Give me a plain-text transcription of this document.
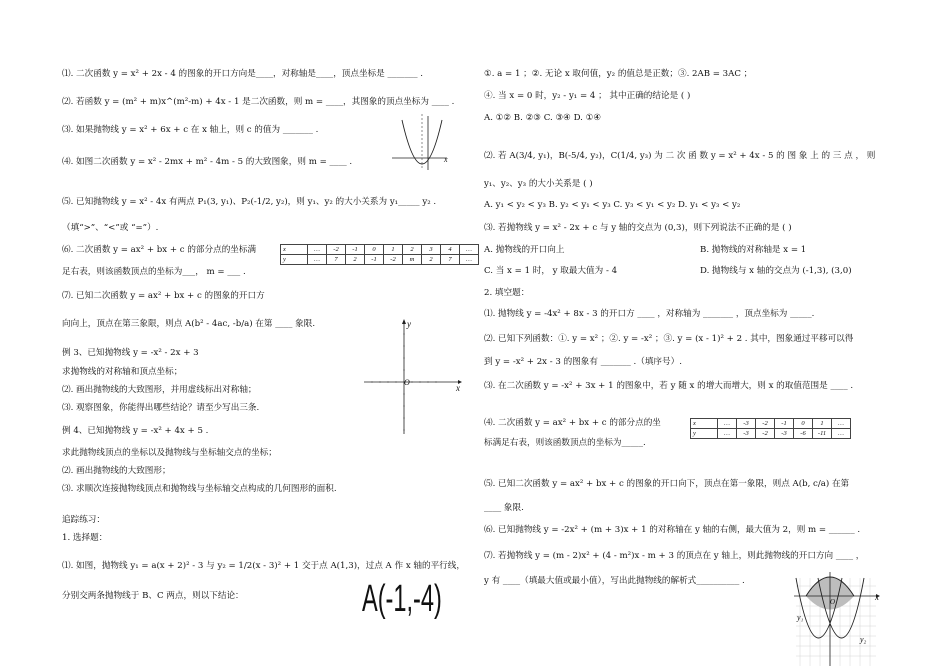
⑴. 二次函数 y = x² + 2x - 4 的图象的开口方向是____，对称轴是____，顶点坐标是 _______ .
⑵. 若函数 y = (m² + m)x^(m²-m) + 4x - 1 是二次函数，则 m = ____，其图象的顶点坐标为 ____ .
⑶. 如果抛物线 y = x² + 6x + c 在 x 轴上，则 c 的值为 _______ .
⑷. 如图二次函数 y = x² - 2mx + m² - 4m - 5 的大致图象，则 m = ____ .
⑸. 已知抛物线 y = x² - 4x 有两点 P₁(3, y₁)、P₂(-1/2, y₂)，则 y₁、y₂ 的大小关系为 y₁_____ y₂ .
（填“>”、“<”或 “=”）.
⑹. 二次函数 y = ax² + bx + c 的部分点的坐标满
足右表，则该函数顶点的坐标为___， m = ___ .
x	…	-2	-1	0	1	2	3	4	…
y	…	7	2	-1	-2	m	2	7	…
⑺. 已知二次函数 y = ax² + bx + c 的图象的开口方
向向上，顶点在第三象限，则点 A(b² - 4ac, -b/a) 在第 ____ 象限.
例 3、已知抛物线 y = -x² - 2x + 3
求抛物线的对称轴和顶点坐标；
⑵. 画出抛物线的大致图形，并用虚线标出对称轴；
⑶. 观察图象，你能得出哪些结论？请至少写出三条.
例 4、已知抛物线 y = -x² + 4x + 5 .
求此抛物线顶点的坐标以及抛物线与坐标轴交点的坐标；
⑵. 画出抛物线的大致图形；
⑶. 求顺次连接抛物线顶点和抛物线与坐标轴交点构成的几何图形的面积.
追踪练习：
1. 选择题：
⑴. 如图，抛物线 y₁ = a(x + 2)² - 3 与 y₂ = 1/2(x - 3)² + 1 交于点 A(1,3)，过点 A 作 x 轴的平行线，
分别交两条抛物线于 B、C 两点，则以下结论：	A(-1,-4)
x
y
x
O
①. a = 1 ；②. 无论 x 取何值，y₂ 的值总是正数；③. 2AB = 3AC ；
④. 当 x = 0 时，y₂ - y₁ = 4 ； 其中正确的结论是 ( )
A. ①② B. ②③ C. ③④ D. ①④
⑵. 若 A(3/4, y₁)，B(-5/4, y₂)，C(1/4, y₃) 为 二 次 函 数 y = x² + 4x - 5 的 图 象 上 的 三 点 ， 则
y₁、y₂、y₃ 的大小关系是 ( )
A. y₁ < y₂ < y₃ B. y₂ < y₁ < y₃ C. y₃ < y₁ < y₂ D. y₁ < y₃ < y₂
⑶. 若抛物线 y = x² - 2x + c 与 y 轴的交点为 (0,3)，则下列说法不正确的是 ( )
A. 抛物线的开口向上	B. 抛物线的对称轴是 x = 1
C. 当 x = 1 时， y 取最大值为 - 4	D. 抛物线与 x 轴的交点为 (-1,3), (3,0)
2. 填空题：
⑴. 抛物线 y = -4x² + 8x - 3 的开口方 ____ ，对称轴为 _______ ，顶点坐标为 _____.
⑵. 已知下列函数：①. y = x² ；②. y = -x² ；③. y = (x - 1)² + 2 . 其中，图象通过平移可以得
到 y = -x² + 2x - 3 的图象有 _______ .（填序号）.
⑶. 在二次函数 y = -x² + 3x + 1 的图象中，若 y 随 x 的增大而增大，则 x 的取值范围是 ____ .
⑷. 二次函数 y = ax² + bx + c 的部分点的坐
标满足右表，则该函数顶点的坐标为_____.
x	…	-3	-2	-1	0	1	…
y	…	-3	-2	-3	-6	-11	…
⑸. 已知二次函数 y = ax² + bx + c 的图象的开口向下，顶点在第一象限，则点 A(b, c/a) 在第
____ 象限.
⑹. 已知抛物线 y = -2x² + (m + 3)x + 1 的对称轴在 y 轴的右侧，最大值为 2，则 m = ______ .
⑺. 若抛物线 y = (m - 2)x² + (4 - m²)x - m + 3 的顶点在 y 轴上，则此抛物线的开口方向 ____ ，
y 有 ____（填最大值或最小值），写出此抛物线的解析式__________ .
x
O
y₁
y₂
